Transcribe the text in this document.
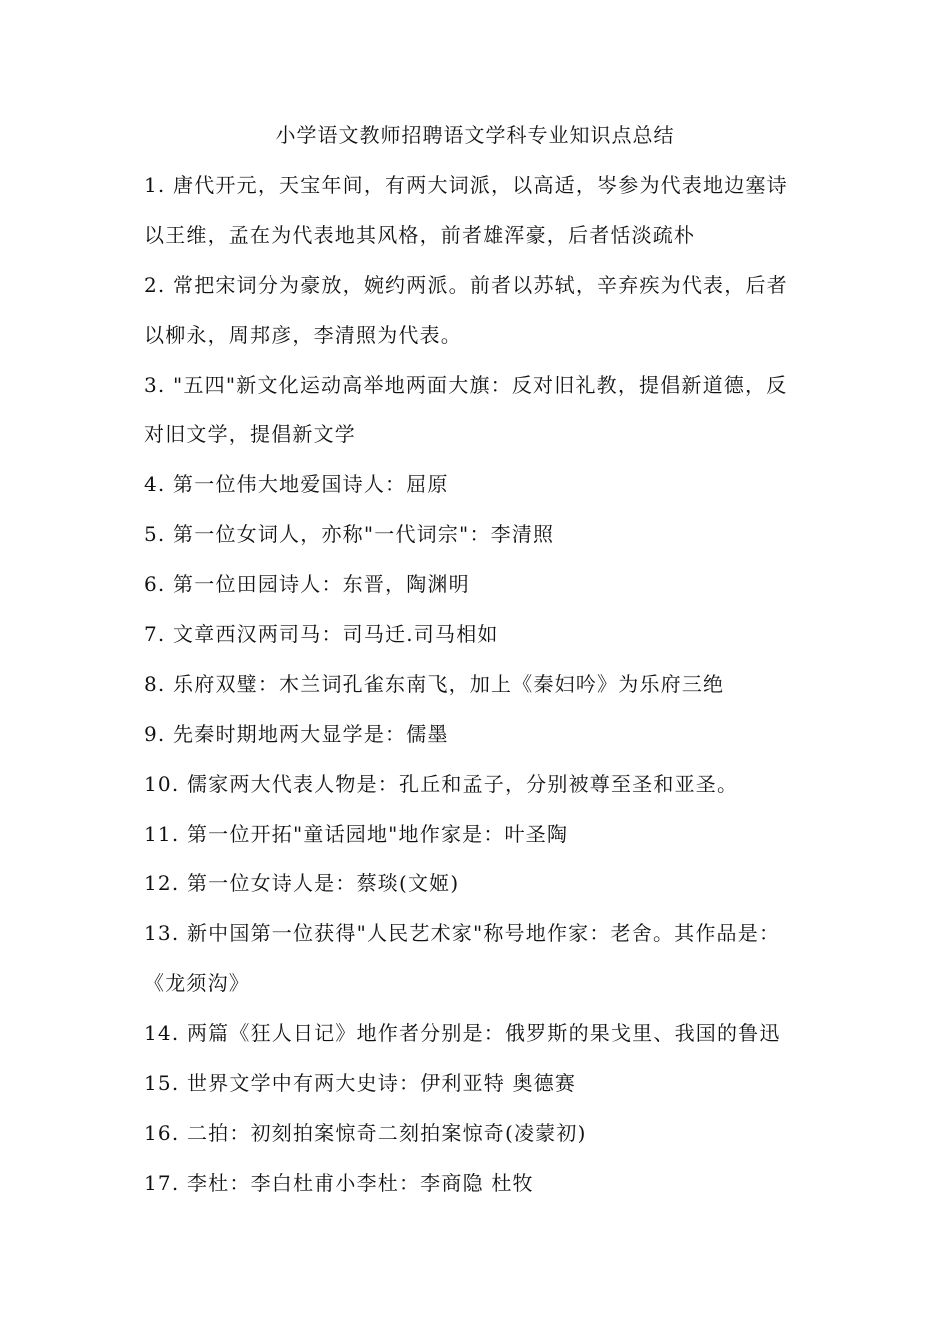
小学语文教师招聘语文学科专业知识点总结
1. 唐代开元，天宝年间，有两大词派，以高适，岑参为代表地边塞诗
以王维，孟在为代表地其风格，前者雄浑豪，后者恬淡疏朴
2. 常把宋词分为豪放，婉约两派。前者以苏轼，辛弃疾为代表，后者
以柳永，周邦彦，李清照为代表。
3. "五四"新文化运动高举地两面大旗：反对旧礼教，提倡新道德，反
对旧文学，提倡新文学
4. 第一位伟大地爱国诗人：屈原
5. 第一位女词人，亦称"一代词宗"：李清照
6. 第一位田园诗人：东晋，陶渊明
7. 文章西汉两司马：司马迁.司马相如
8. 乐府双璧：木兰词孔雀东南飞，加上《秦妇吟》为乐府三绝
9. 先秦时期地两大显学是：儒墨
10. 儒家两大代表人物是：孔丘和孟子，分别被尊至圣和亚圣。
11. 第一位开拓"童话园地"地作家是：叶圣陶
12. 第一位女诗人是：蔡琰(文姬)
13. 新中国第一位获得"人民艺术家"称号地作家：老舍。其作品是：
《龙须沟》
14. 两篇《狂人日记》地作者分别是：俄罗斯的果戈里、我国的鲁迅
15. 世界文学中有两大史诗：伊利亚特 奥德赛
16. 二拍：初刻拍案惊奇二刻拍案惊奇(凌蒙初)
17. 李杜：李白杜甫小李杜：李商隐 杜牧
